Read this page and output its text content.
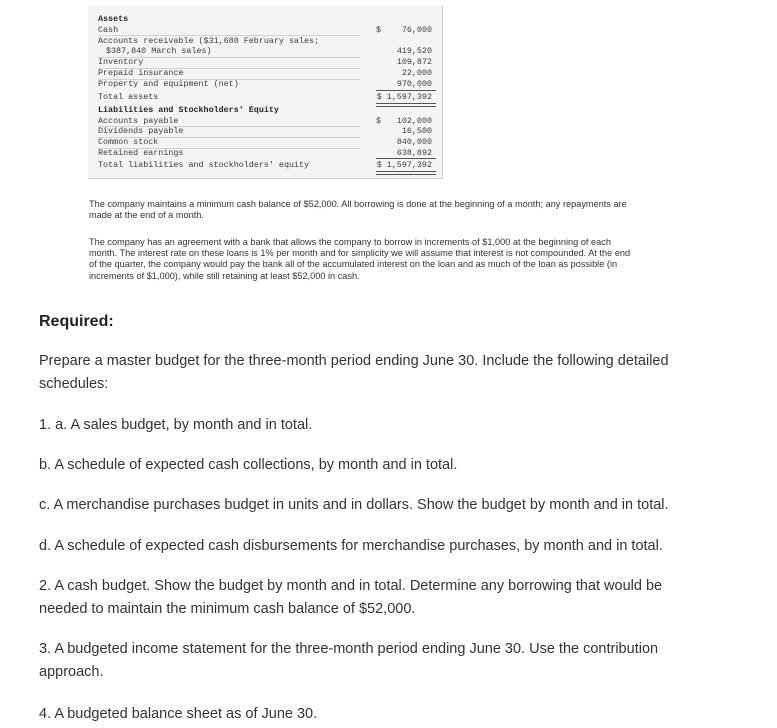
Assets
Cash	$ 76,000
Accounts receivable ($31,680 February sales;
$387,840 March sales)	419,520
Inventory	109,872
Prepaid insurance	22,000
Property and equipment (net)	970,000
Total assets	$ 1,597,392
Liabilities and Stockholders' Equity
Accounts payable	$ 102,000
Dividends payable	16,500
Common stock	840,000
Retained earnings	638,892
Total liabilities and stockholders' equity	$ 1,597,392
The company maintains a minimum cash balance of $52,000. All borrowing is done at the beginning of a month; any repayments are
made at the end of a month.
The company has an agreement with a bank that allows the company to borrow in increments of $1,000 at the beginning of each
month. The interest rate on these loans is 1% per month and for simplicity we will assume that interest is not compounded. At the end
of the quarter, the company would pay the bank all of the accumulated interest on the loan and as much of the loan as possible (in
increments of $1,000), while still retaining at least $52,000 in cash.
Required:
Prepare a master budget for the three-month period ending June 30. Include the following detailed
schedules:
1. a. A sales budget, by month and in total.
b. A schedule of expected cash collections, by month and in total.
c. A merchandise purchases budget in units and in dollars. Show the budget by month and in total.
d. A schedule of expected cash disbursements for merchandise purchases, by month and in total.
2. A cash budget. Show the budget by month and in total. Determine any borrowing that would be
needed to maintain the minimum cash balance of $52,000.
3. A budgeted income statement for the three-month period ending June 30. Use the contribution
approach.
4. A budgeted balance sheet as of June 30.
